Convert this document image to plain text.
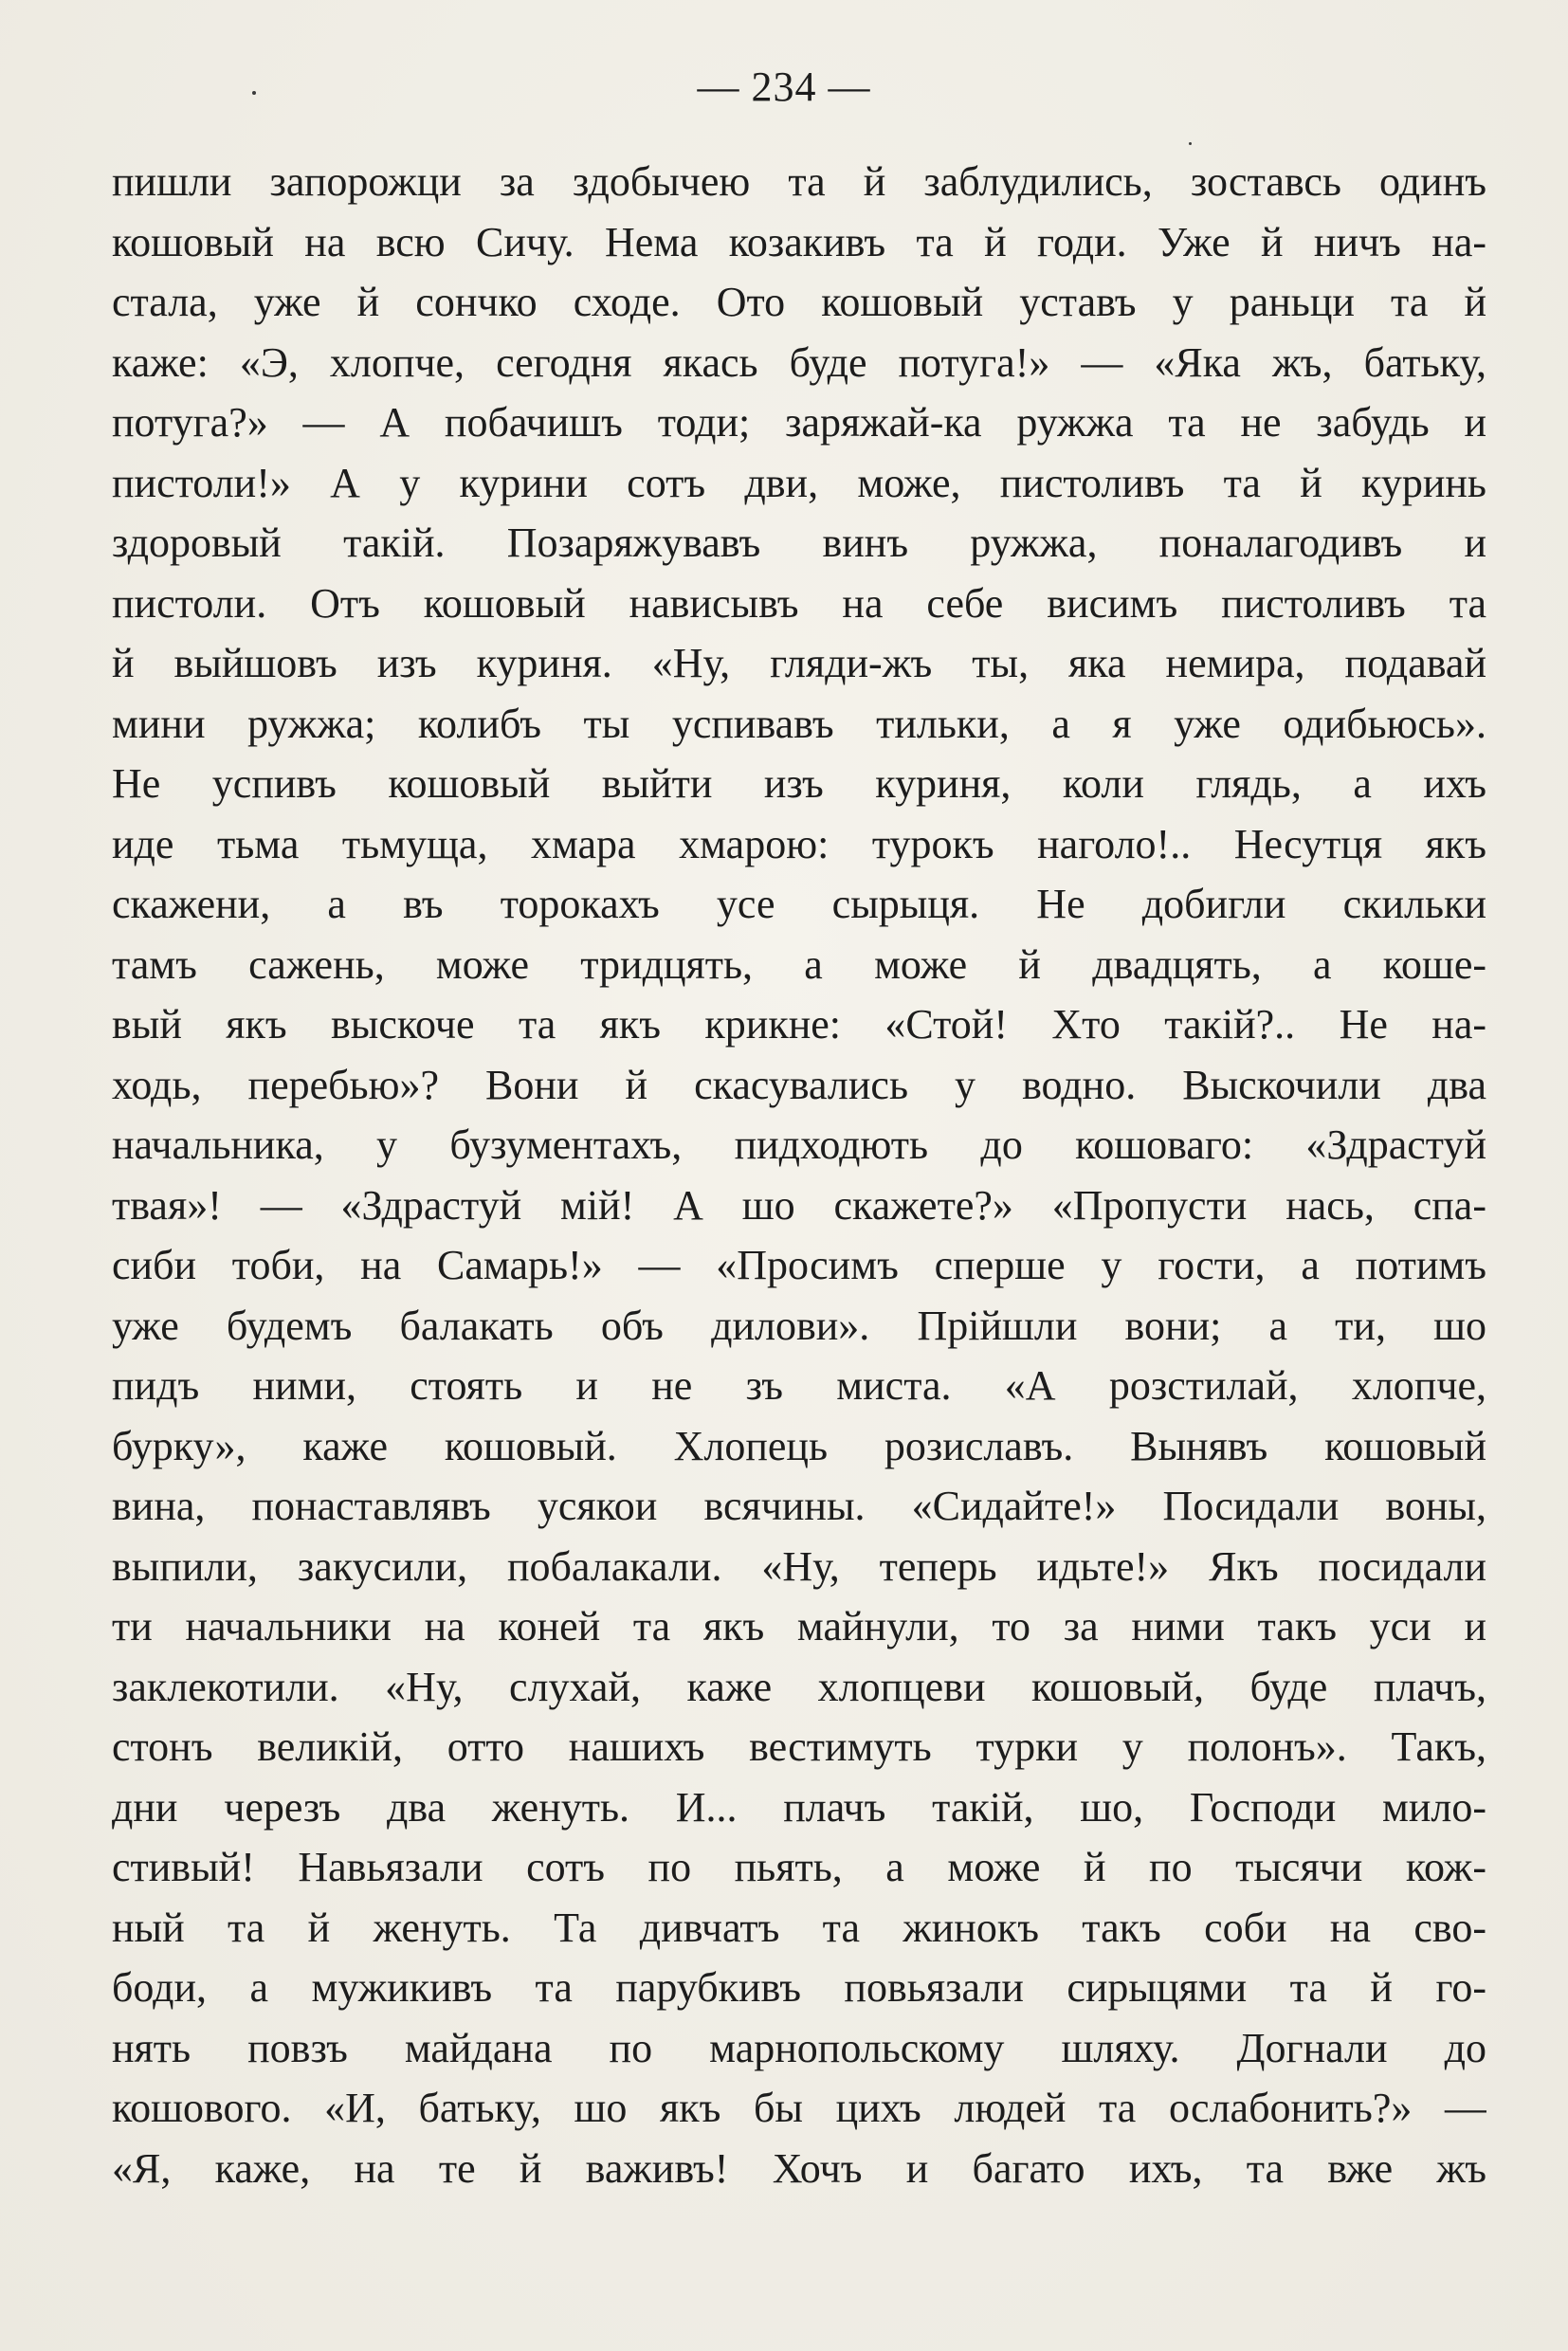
— 234 —
пишли запорожци за здобычею та й заблудились, зоставсь одинъ
кошовый на всю Сичу. Нема козакивъ та й годи. Уже й ничъ на-
стала, уже й сончко сходе. Ото кошовый уставъ у раньци та й
каже: «Э, хлопче, сегодня якась буде потуга!» — «Яка жъ, батьку,
потуга?» — А побачишъ тоди; заряжай-ка ружжа та не забудь и
пистоли!» А у курини сотъ дви, може, пистоливъ та й куринь
здоровый такій. Позаряжувавъ винъ ружжа, поналагодивъ и
пистоли. Отъ кошовый нависывъ на себе висимъ пистоливъ та
й выйшовъ изъ куриня. «Ну, гляди-жъ ты, яка немира, подавай
мини ружжа; колибъ ты успивавъ тильки, а я уже одибьюсь».
Не успивъ кошовый выйти изъ куриня, коли глядь, а ихъ
иде тьма тьмуща, хмара хмарою: турокъ наголо!.. Несутця якъ
скажени, а въ торокахъ усе сырыця. Не добигли скильки
тамъ сажень, може тридцять, а може й двадцять, а коше-
вый якъ выскоче та якъ крикне: «Стой! Хто такій?.. Не на-
ходь, перебью»? Вони й скасувались у водно. Выскочили два
начальника, у бузументахъ, пидходють до кошоваго: «Здрастуй
твая»! — «Здрастуй мій! А шо скажете?» «Пропусти нась, спа-
сиби тоби, на Самарь!» — «Просимъ сперше у гости, а потимъ
уже будемъ балакать объ дилови». Прійшли вони; а ти, шо
пидъ ними, стоять и не зъ миста. «А розстилай, хлопче,
бурку», каже кошовый. Хлопець розиславъ. Вынявъ кошовый
вина, понаставлявъ усякои всячины. «Сидайте!» Посидали воны,
выпили, закусили, побалакали. «Ну, теперь идьте!» Якъ посидали
ти начальники на коней та якъ майнули, то за ними такъ уси и
заклекотили. «Ну, слухай, каже хлопцеви кошовый, буде плачъ,
стонъ великій, отто нашихъ вестимуть турки у полонъ». Такъ,
дни черезъ два женуть. И... плачъ такій, шо, Господи мило-
стивый! Навьязали сотъ по пьять, а може й по тысячи кож-
ный та й женуть. Та дивчатъ та жинокъ такъ соби на сво-
боди, а мужикивъ та парубкивъ повьязали сирыцями та й го-
нять повзъ майдана по марнопольскому шляху. Догнали до
кошового. «И, батьку, шо якъ бы цихъ людей та ослабонить?» —
«Я, каже, на те й важивъ! Хочъ и багато ихъ, та вже жъ
